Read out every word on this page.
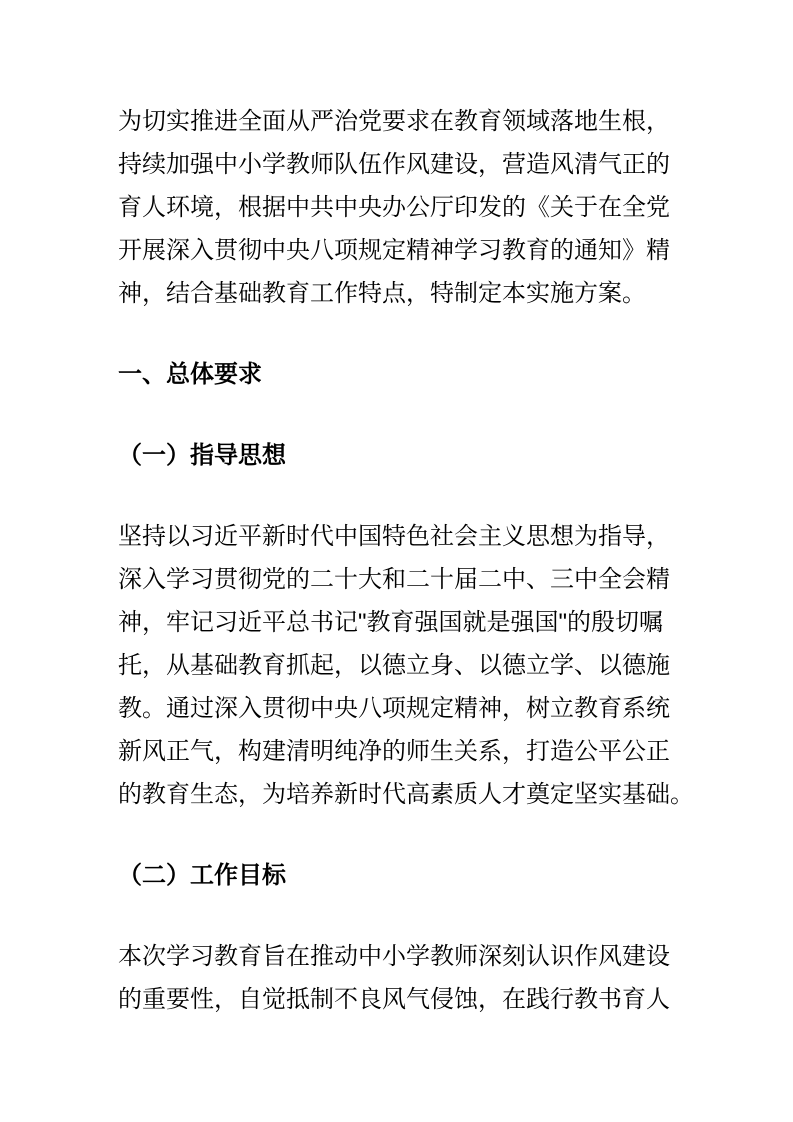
为切实推进全面从严治党要求在教育领域落地生根，
持续加强中小学教师队伍作风建设，营造风清气正的
育人环境，根据中共中央办公厅印发的《关于在全党
开展深入贯彻中央八项规定精神学习教育的通知》精
神，结合基础教育工作特点，特制定本实施方案。

一、总体要求
（一）指导思想

坚持以习近平新时代中国特色社会主义思想为指导，
深入学习贯彻党的二十大和二十届二中、三中全会精
神，牢记习近平总书记"教育强国就是强国"的殷切嘱
托，从基础教育抓起，以德立身、以德立学、以德施
教。通过深入贯彻中央八项规定精神，树立教育系统
新风正气，构建清明纯净的师生关系，打造公平公正
的教育生态，为培养新时代高素质人才奠定坚实基础。

（二）工作目标

本次学习教育旨在推动中小学教师深刻认识作风建设
的重要性，自觉抵制不良风气侵蚀，在践行教书育人
